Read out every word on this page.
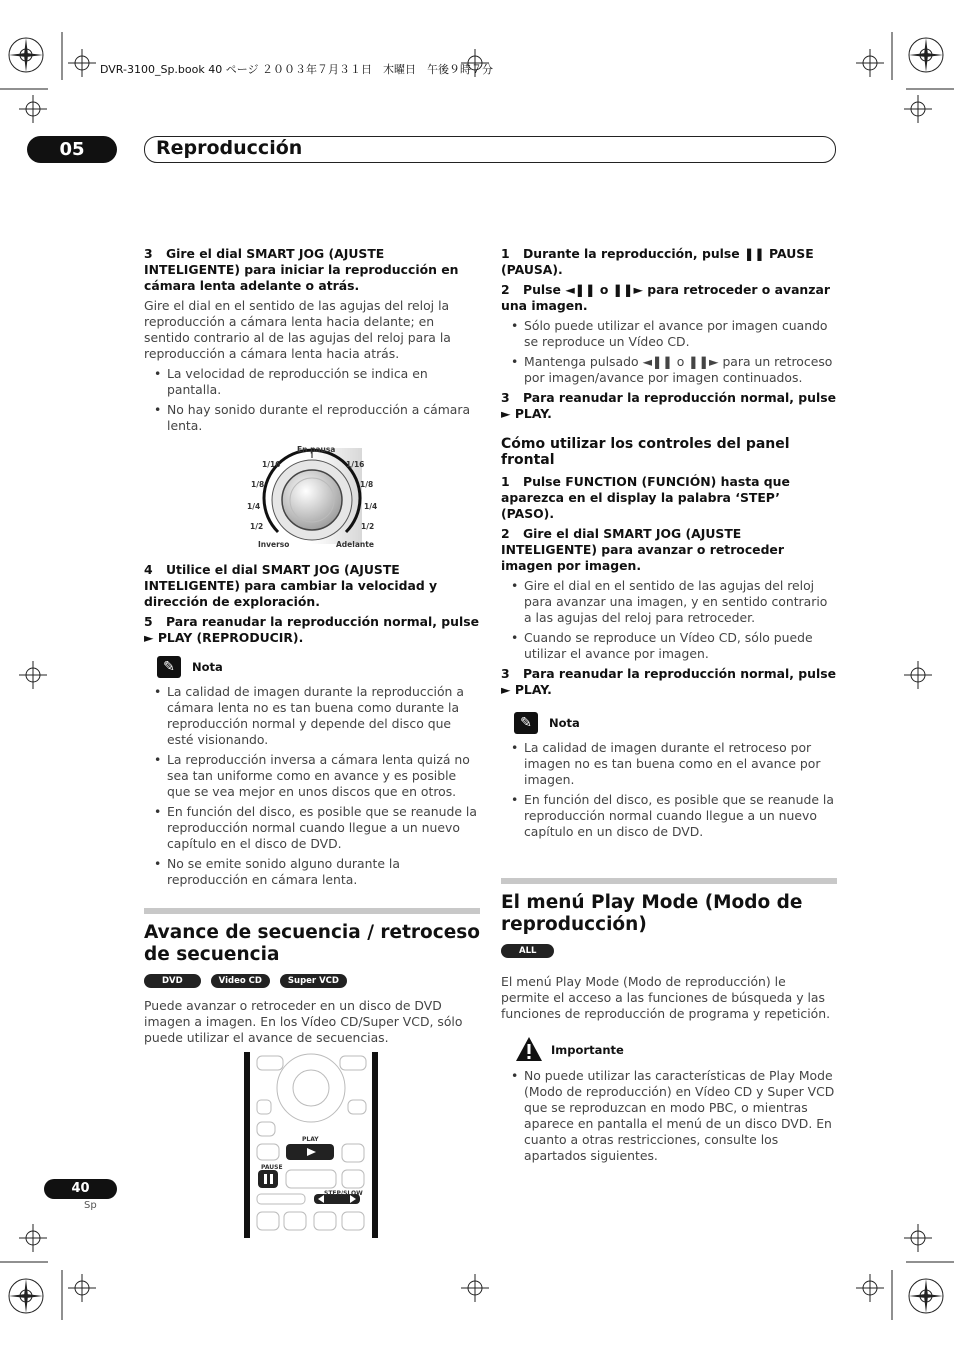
DVR-3100_Sp.book 40 ページ ２００３年７月３１日　木曜日　午後９時７分
05	Reproducción

3 Gire el dial SMART JOG (AJUSTE INTELIGENTE) para iniciar la reproducción en cámara lenta adelante o atrás.

Gire el dial en el sentido de las agujas del reloj la reproducción a cámara lenta hacia delante; en sentido contrario al de las agujas del reloj para la reproducción a cámara lenta hacia atrás.

• La velocidad de reproducción se indica en pantalla.
• No hay sonido durante el reproducción a cámara lenta.
En pausa
1/16
1/8
1/4
1/2
1/16
1/8
1/4
1/2
Inverso	Adelante

4 Utilice el dial SMART JOG (AJUSTE INTELIGENTE) para cambiar la velocidad y dirección de exploración.

5 Para reanudar la reproducción normal, pulse ► PLAY (REPRODUCIR).

✎	Nota
• La calidad de imagen durante la reproducción a cámara lenta no es tan buena como durante la reproducción normal y depende del disco que esté visionando.
• La reproducción inversa a cámara lenta quizá no sea tan uniforme como en avance y es posible que se vea mejor en unos discos que en otros.
• En función del disco, es posible que se reanude la reproducción normal cuando llegue a un nuevo capítulo en el disco de DVD.
• No se emite sonido alguno durante la reproducción en cámara lenta.
Avance de secuencia / retroceso de secuencia
DVD	Video CD	Super VCD

Puede avanzar o retroceder en un disco de DVD imagen a imagen. En los Vídeo CD/Super VCD, sólo puede utilizar el avance de secuencias.

PLAY
PAUSE
STEP/SLOW

1 Durante la reproducción, pulse ❚❚ PAUSE (PAUSA).

2 Pulse ◄❚❚ o ❚❚► para retroceder o avanzar una imagen.

• Sólo puede utilizar el avance por imagen cuando se reproduce un Vídeo CD.
• Mantenga pulsado ◄❚❚ o ❚❚► para un retroceso por imagen/avance por imagen continuados.

3 Para reanudar la reproducción normal, pulse ► PLAY.

Cómo utilizar los controles del panel frontal

1 Pulse FUNCTION (FUNCIÓN) hasta que aparezca en el display la palabra ‘STEP’ (PASO).

2 Gire el dial SMART JOG (AJUSTE INTELIGENTE) para avanzar o retroceder imagen por imagen.

• Gire el dial en el sentido de las agujas del reloj para avanzar una imagen, y en sentido contrario a las agujas del reloj para retroceder.
• Cuando se reproduce un Vídeo CD, sólo puede utilizar el avance por imagen.

3 Para reanudar la reproducción normal, pulse ► PLAY.

✎	Nota
• La calidad de imagen durante el retroceso por imagen no es tan buena como en el avance por imagen.
• En función del disco, es posible que se reanude la reproducción normal cuando llegue a un nuevo capítulo en un disco de DVD.
El menú Play Mode (Modo de reproducción)
ALL

El menú Play Mode (Modo de reproducción) le permite el acceso a las funciones de búsqueda y las funciones de reproducción de programa y repetición.

Importante
• No puede utilizar las características de Play Mode (Modo de reproducción) en Vídeo CD y Super VCD que se reproduzcan en modo PBC, o mientras aparece en pantalla el menú de un disco DVD. En cuanto a otras restricciones, consulte los apartados siguientes.
40
Sp
